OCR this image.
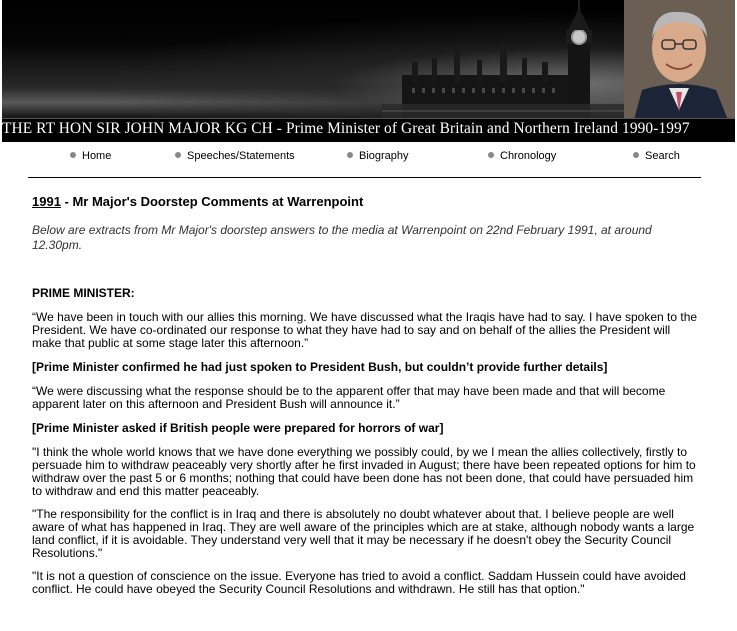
THE RT HON SIR JOHN MAJOR KG CH - Prime Minister of Great Britain and Northern Ireland 1990-1997
Home	Speeches/Statements	Biography	Chronology	Search
1991 - Mr Major's Doorstep Comments at Warrenpoint

Below are extracts from Mr Major's doorstep answers to the media at Warrenpoint on 22nd February 1991, at around 12.30pm.

PRIME MINISTER:

“We have been in touch with our allies this morning. We have discussed what the Iraqis have had to say. I have spoken to the President. We have co-ordinated our response to what they have had to say and on behalf of the allies the President will make that public at some stage later this afternoon.”

[Prime Minister confirmed he had just spoken to President Bush, but couldn’t provide further details]

“We were discussing what the response should be to the apparent offer that may have been made and that will become apparent later on this afternoon and President Bush will announce it.”

[Prime Minister asked if British people were prepared for horrors of war]

"I think the whole world knows that we have done everything we possibly could, by we I mean the allies collectively, firstly to persuade him to withdraw peaceably very shortly after he first invaded in August; there have been repeated options for him to withdraw over the past 5 or 6 months; nothing that could have been done has not been done, that could have persuaded him to withdraw and end this matter peaceably.

"The responsibility for the conflict is in Iraq and there is absolutely no doubt whatever about that. I believe people are well aware of what has happened in Iraq. They are well aware of the principles which are at stake, although nobody wants a large land conflict, if it is avoidable. They understand very well that it may be necessary if he doesn't obey the Security Council Resolutions."

"It is not a question of conscience on the issue. Everyone has tried to avoid a conflict. Saddam Hussein could have avoided conflict. He could have obeyed the Security Council Resolutions and withdrawn. He still has that option."
